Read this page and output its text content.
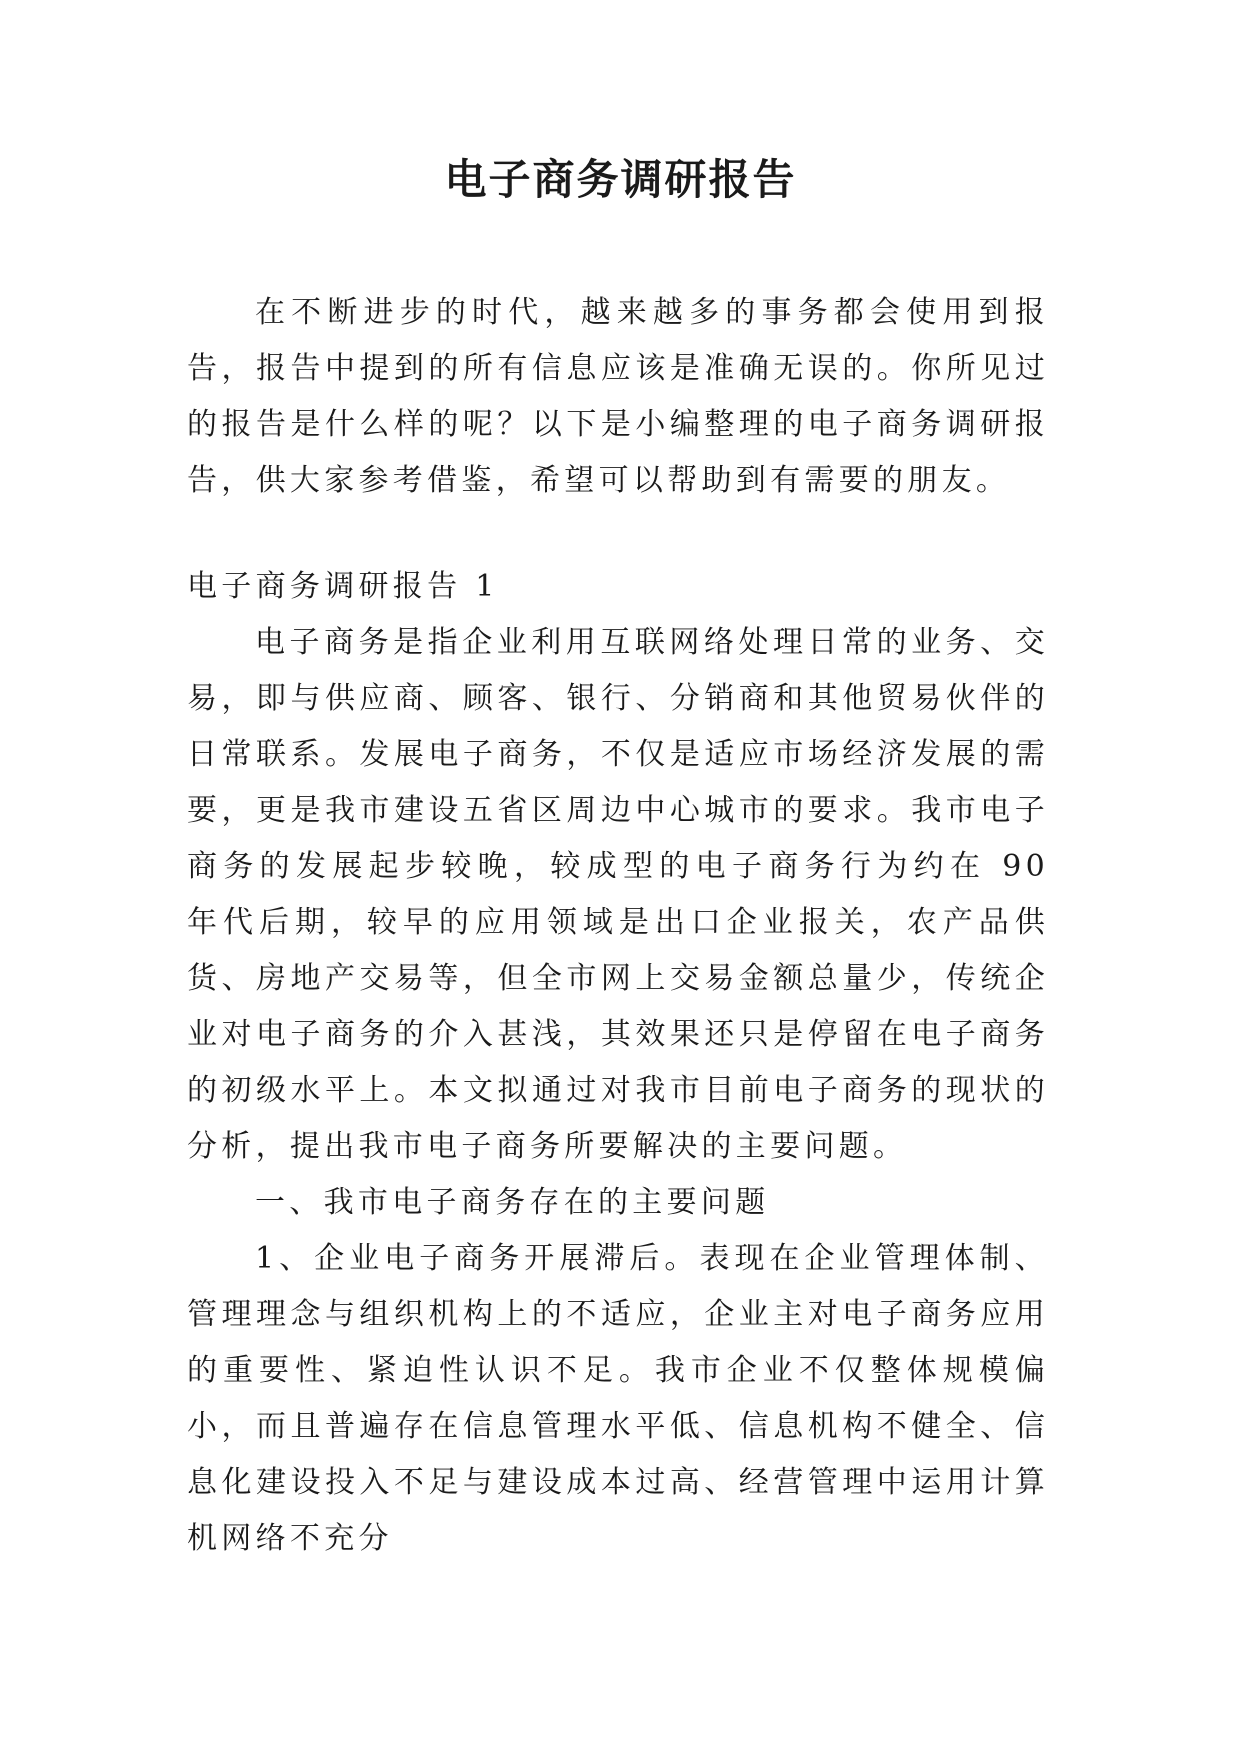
电子商务调研报告

在不断进步的时代，越来越多的事务都会使用到报告，报告中提到的所有信息应该是准确无误的。你所见过的报告是什么样的呢？以下是小编整理的电子商务调研报告，供大家参考借鉴，希望可以帮助到有需要的朋友。

电子商务调研报告 1

电子商务是指企业利用互联网络处理日常的业务、交易，即与供应商、顾客、银行、分销商和其他贸易伙伴的日常联系。发展电子商务，不仅是适应市场经济发展的需要，更是我市建设五省区周边中心城市的要求。我市电子商务的发展起步较晚，较成型的电子商务行为约在 90 年代后期，较早的应用领域是出口企业报关，农产品供货、房地产交易等，但全市网上交易金额总量少，传统企业对电子商务的介入甚浅，其效果还只是停留在电子商务的初级水平上。本文拟通过对我市目前电子商务的现状的分析，提出我市电子商务所要解决的主要问题。

一、我市电子商务存在的主要问题

1、企业电子商务开展滞后。表现在企业管理体制、管理理念与组织机构上的不适应，企业主对电子商务应用的重要性、紧迫性认识不足。我市企业不仅整体规模偏小，而且普遍存在信息管理水平低、信息机构不健全、信息化建设投入不足与建设成本过高、经营管理中运用计算机网络不充分
